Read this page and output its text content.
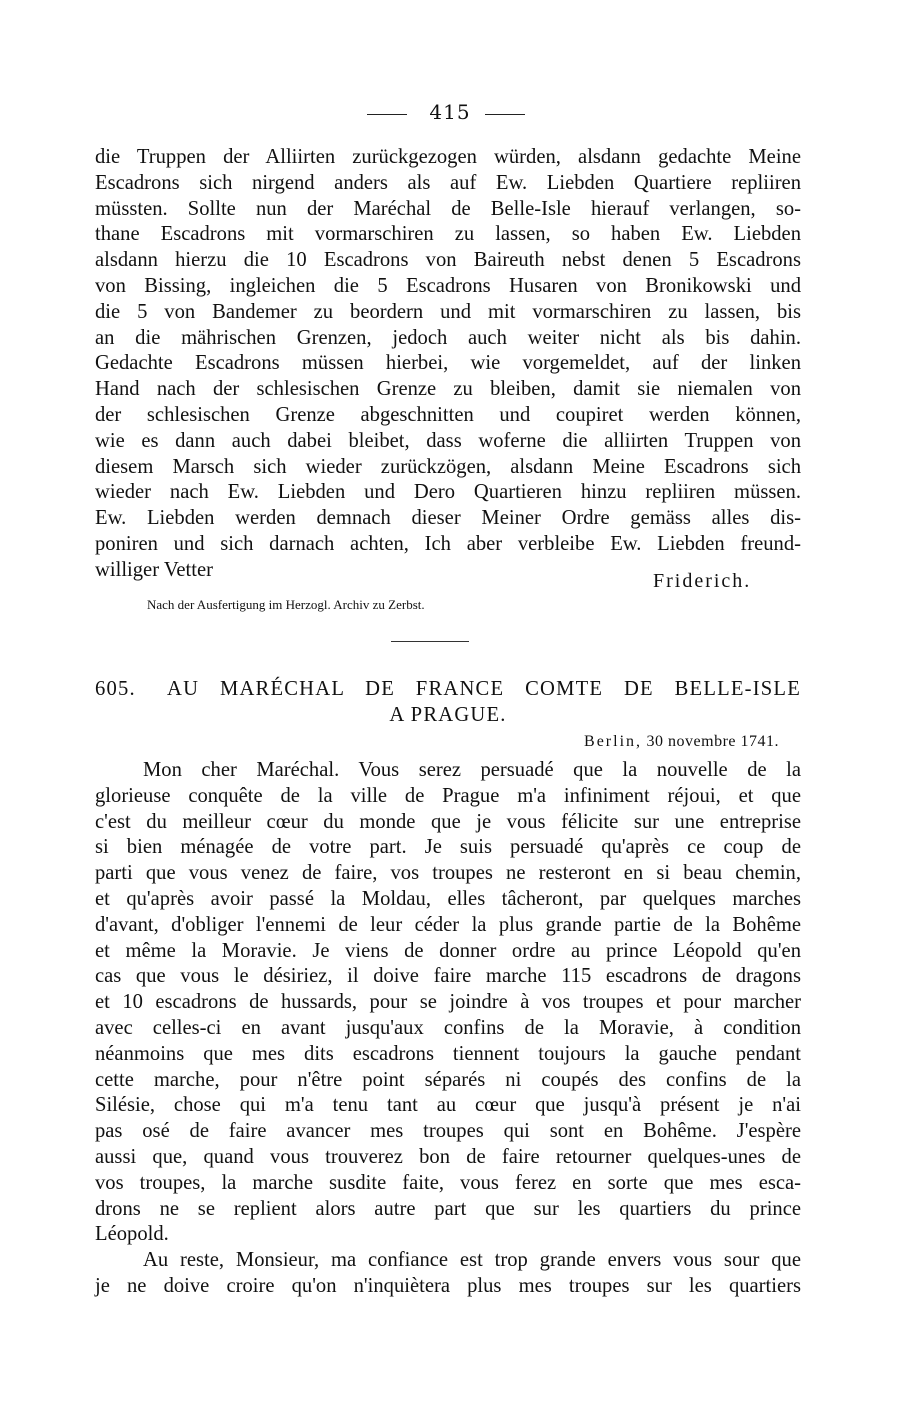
415
die Truppen der Alliirten zurückgezogen würden, alsdann gedachte Meine
Escadrons sich nirgend anders als auf Ew. Liebden Quartiere repliiren
müssten. Sollte nun der Maréchal de Belle-Isle hierauf verlangen, so-
thane Escadrons mit vormarschiren zu lassen, so haben Ew. Liebden
alsdann hierzu die 10 Escadrons von Baireuth nebst denen 5 Escadrons
von Bissing, ingleichen die 5 Escadrons Husaren von Bronikowski und
die 5 von Bandemer zu beordern und mit vormarschiren zu lassen, bis
an die mährischen Grenzen, jedoch auch weiter nicht als bis dahin.
Gedachte Escadrons müssen hierbei, wie vorgemeldet, auf der linken
Hand nach der schlesischen Grenze zu bleiben, damit sie niemalen von
der schlesischen Grenze abgeschnitten und coupiret werden können,
wie es dann auch dabei bleibet, dass woferne die alliirten Truppen von
diesem Marsch sich wieder zurückzögen, alsdann Meine Escadrons sich
wieder nach Ew. Liebden und Dero Quartieren hinzu repliiren müssen.
Ew. Liebden werden demnach dieser Meiner Ordre gemäss alles dis-
poniren und sich darnach achten, Ich aber verbleibe Ew. Liebden freund-
williger Vetter
Friderich.
Nach der Ausfertigung im Herzogl. Archiv zu Zerbst.
605. AU MARÉCHAL DE FRANCE COMTE DE BELLE-ISLE
A PRAGUE.
Berlin, 30 novembre 1741.
Mon cher Maréchal. Vous serez persuadé que la nouvelle de la
glorieuse conquête de la ville de Prague m'a infiniment réjoui, et que
c'est du meilleur cœur du monde que je vous félicite sur une entreprise
si bien ménagée de votre part. Je suis persuadé qu'après ce coup de
parti que vous venez de faire, vos troupes ne resteront en si beau chemin,
et qu'après avoir passé la Moldau, elles tâcheront, par quelques marches
d'avant, d'obliger l'ennemi de leur céder la plus grande partie de la Bohême
et même la Moravie. Je viens de donner ordre au prince Léopold qu'en
cas que vous le désiriez, il doive faire marche 115 escadrons de dragons
et 10 escadrons de hussards, pour se joindre à vos troupes et pour marcher
avec celles-ci en avant jusqu'aux confins de la Moravie, à condition
néanmoins que mes dits escadrons tiennent toujours la gauche pendant
cette marche, pour n'être point séparés ni coupés des confins de la
Silésie, chose qui m'a tenu tant au cœur que jusqu'à présent je n'ai
pas osé de faire avancer mes troupes qui sont en Bohême. J'espère
aussi que, quand vous trouverez bon de faire retourner quelques-unes de
vos troupes, la marche susdite faite, vous ferez en sorte que mes esca-
drons ne se replient alors autre part que sur les quartiers du prince
Léopold.
Au reste, Monsieur, ma confiance est trop grande envers vous sour que
je ne doive croire qu'on n'inquiètera plus mes troupes sur les quartiers
